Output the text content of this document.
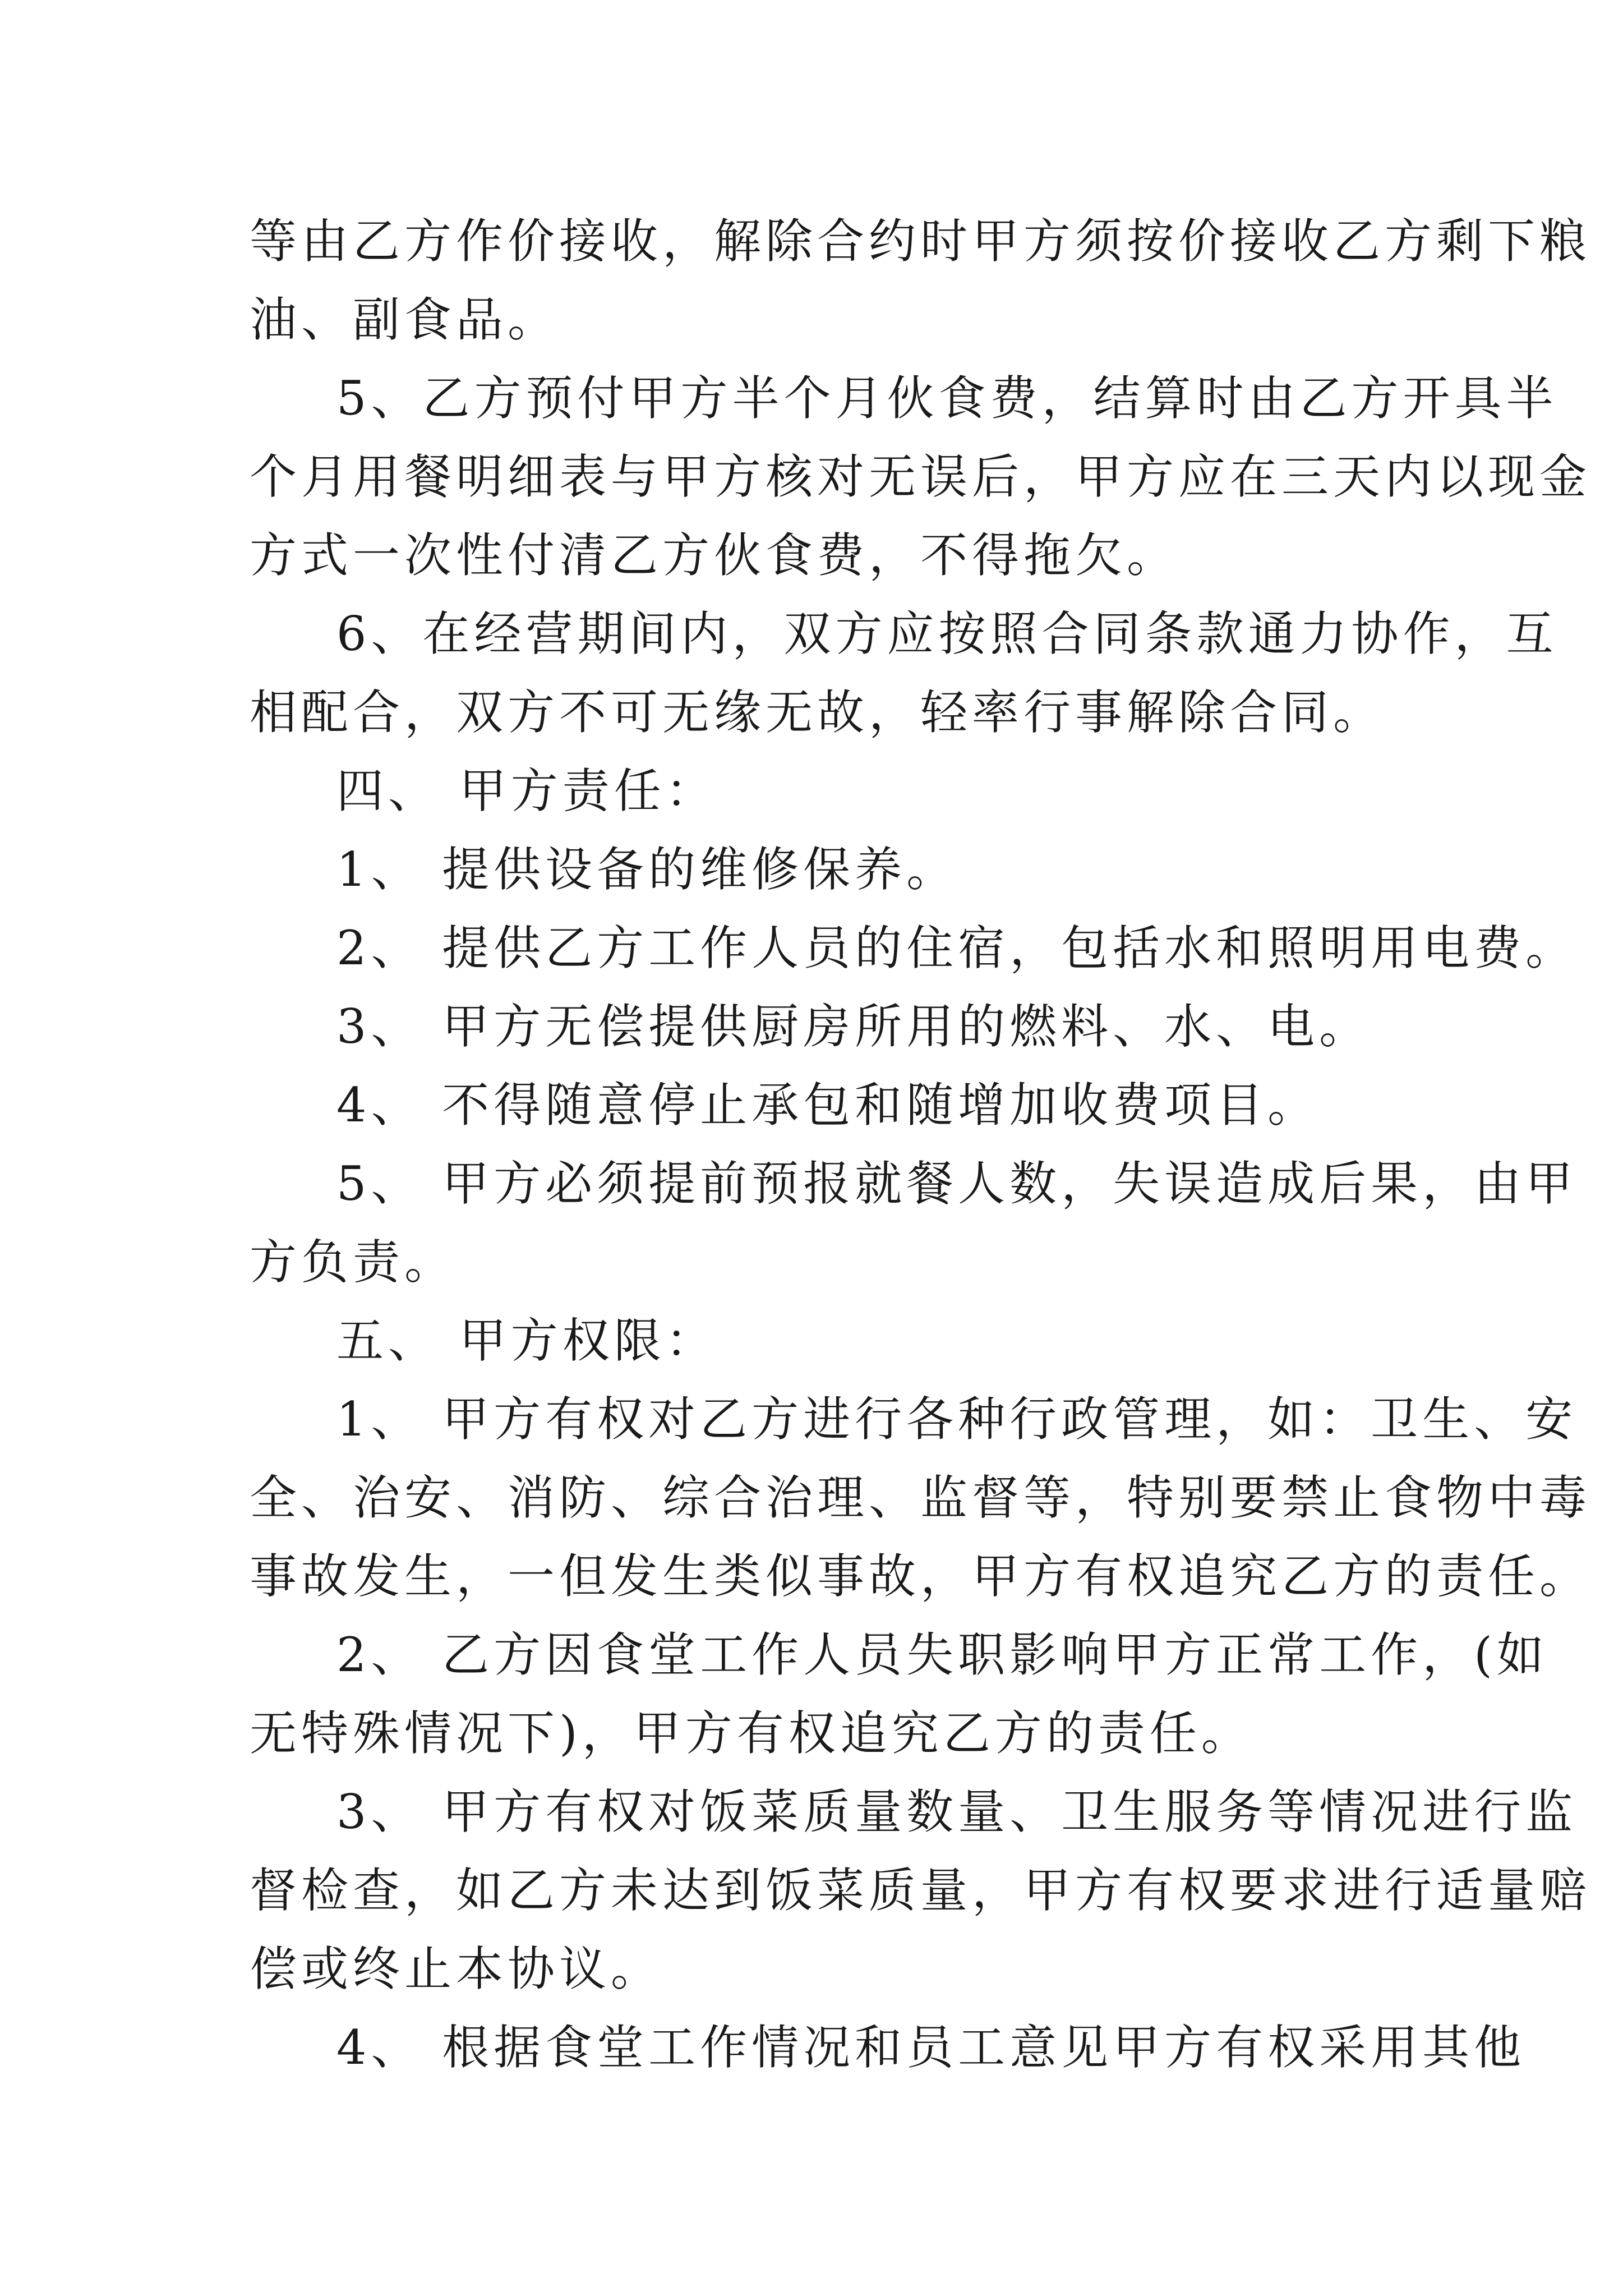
等由乙方作价接收，解除合约时甲方须按价接收乙方剩下粮
油、副食品。
5、乙方预付甲方半个月伙食费，结算时由乙方开具半
个月用餐明细表与甲方核对无误后，甲方应在三天内以现金
方式一次性付清乙方伙食费，不得拖欠。
6、在经营期间内，双方应按照合同条款通力协作，互
相配合，双方不可无缘无故，轻率行事解除合同。
四、 甲方责任：
1、 提供设备的维修保养。
2、 提供乙方工作人员的住宿，包括水和照明用电费。
3、 甲方无偿提供厨房所用的燃料、水、电。
4、 不得随意停止承包和随增加收费项目。
5、 甲方必须提前预报就餐人数，失误造成后果，由甲
方负责。
五、 甲方权限：
1、 甲方有权对乙方进行各种行政管理，如：卫生、安
全、治安、消防、综合治理、监督等，特别要禁止食物中毒
事故发生，一但发生类似事故，甲方有权追究乙方的责任。
2、 乙方因食堂工作人员失职影响甲方正常工作，(如
无特殊情况下)，甲方有权追究乙方的责任。
3、 甲方有权对饭菜质量数量、卫生服务等情况进行监
督检查，如乙方未达到饭菜质量，甲方有权要求进行适量赔
偿或终止本协议。
4、 根据食堂工作情况和员工意见甲方有权采用其他
